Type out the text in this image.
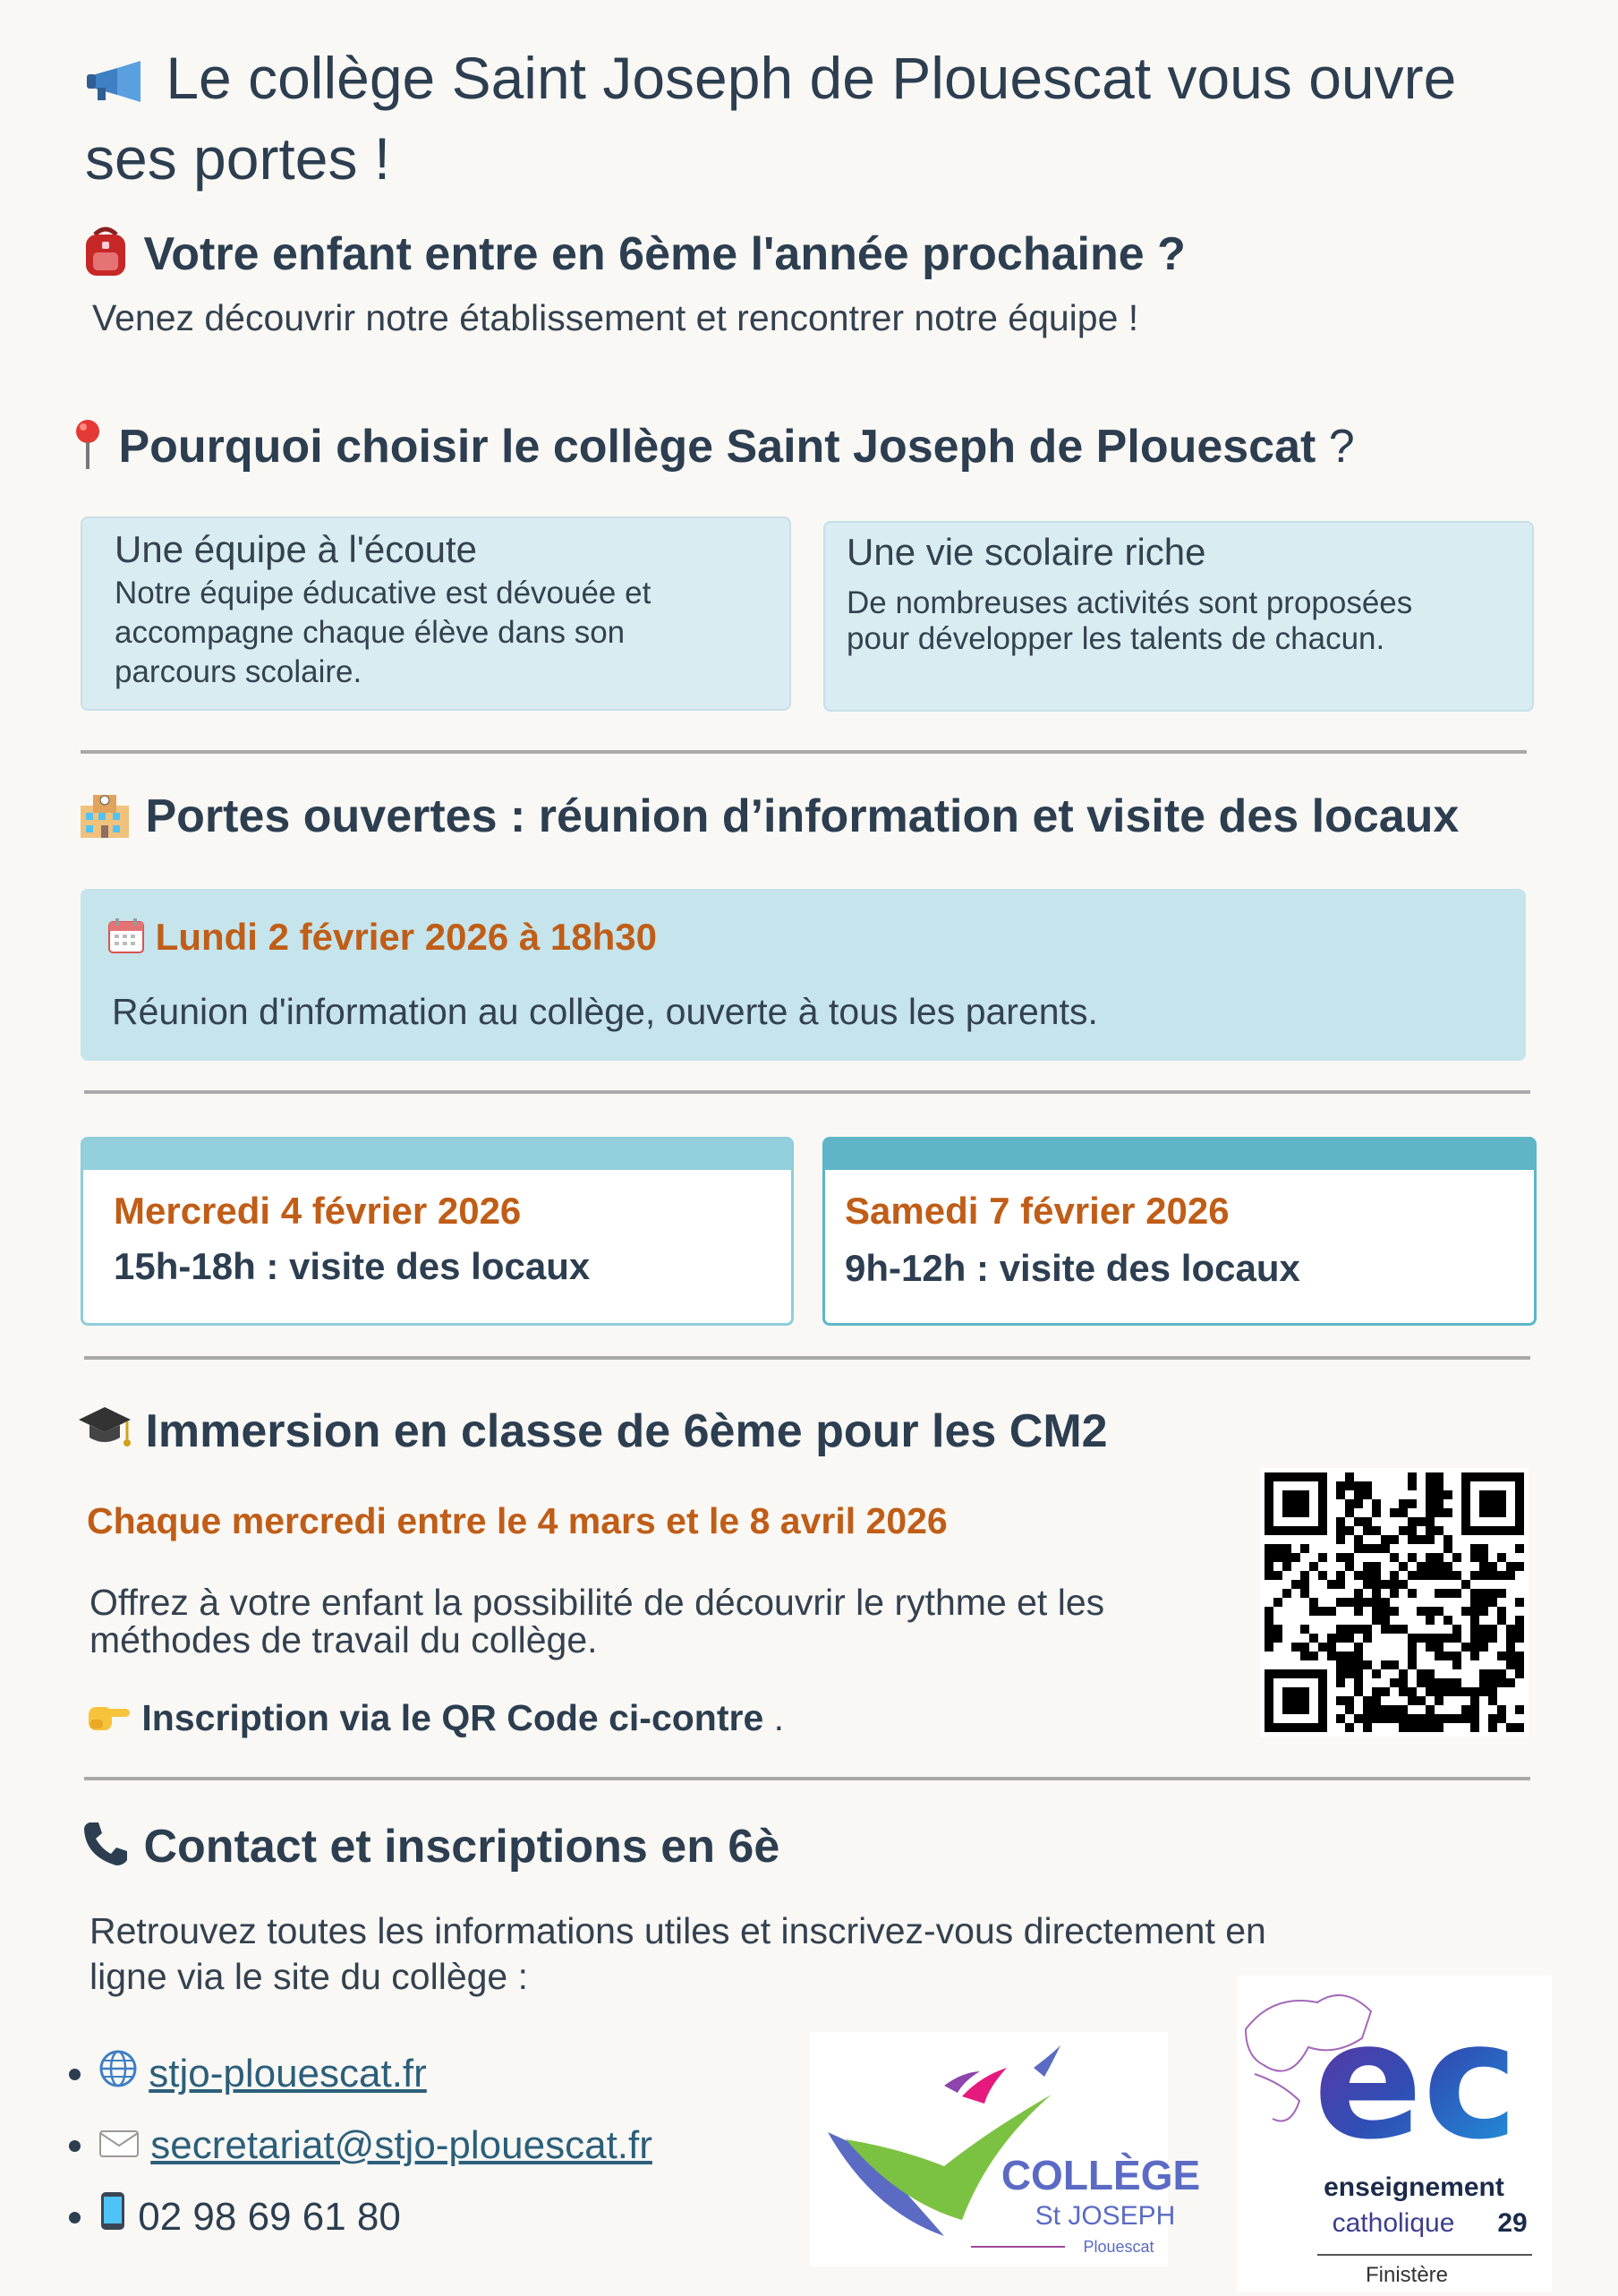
Le collège Saint Joseph de Plouescat vous ouvre ses portes !
Votre enfant entre en 6ème l'année prochaine ?
Venez découvrir notre établissement et rencontrer notre équipe !
Pourquoi choisir le collège Saint Joseph de Plouescat ?
Une équipe à l'écoute
Notre équipe éducative est dévouée et accompagne chaque élève dans son parcours scolaire.
Une vie scolaire riche
De nombreuses activités sont proposées pour développer les talents de chacun.
Portes ouvertes : réunion d’information et visite des locaux
Lundi 2 février 2026 à 18h30
Réunion d'information au collège, ouverte à tous les parents.
Mercredi 4 février 2026
15h-18h : visite des locaux
Samedi 7 février 2026
9h-12h : visite des locaux
Immersion en classe de 6ème pour les CM2
Chaque mercredi entre le 4 mars et le 8 avril 2026
Offrez à votre enfant la possibilité de découvrir le rythme et les méthodes de travail du collège.
Inscription via le QR Code ci-contre .
Contact et inscriptions en 6è
Retrouvez toutes les informations utiles et inscrivez-vous directement en ligne via le site du collège :
• stjo-plouescat.fr
• secretariat@stjo-plouescat.fr
• 02 98 69 61 80
COLLÈGE
St JOSEPH
Plouescat
ec
enseignement
catholique 29
Finistère
